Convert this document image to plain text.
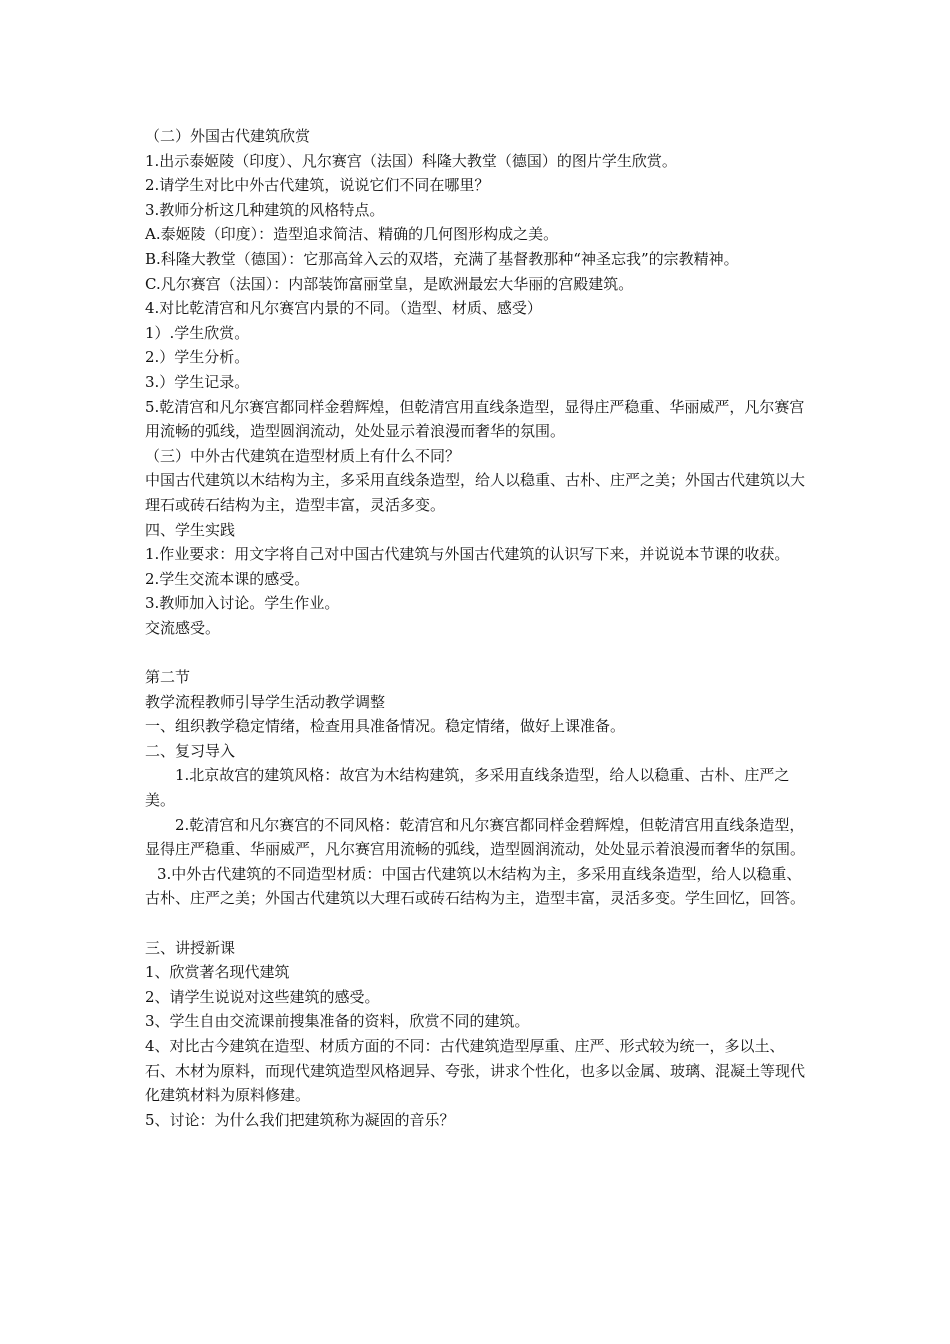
（二）外国古代建筑欣赏

1.出示泰姬陵（印度）、凡尔赛宫（法国）科隆大教堂（德国）的图片学生欣赏。

2.请学生对比中外古代建筑，说说它们不同在哪里？

3.教师分析这几种建筑的风格特点。

A.泰姬陵（印度）：造型追求简洁、精确的几何图形构成之美。

B.科隆大教堂（德国）：它那高耸入云的双塔，充满了基督教那种“神圣忘我”的宗教精神。

C.凡尔赛宫（法国）：内部装饰富丽堂皇，是欧洲最宏大华丽的宫殿建筑。

4.对比乾清宫和凡尔赛宫内景的不同。（造型、材质、感受）

1）.学生欣赏。

2.）学生分析。

3.）学生记录。

5.乾清宫和凡尔赛宫都同样金碧辉煌，但乾清宫用直线条造型，显得庄严稳重、华丽威严，凡尔赛宫用流畅的弧线，造型圆润流动，处处显示着浪漫而奢华的氛围。

（三）中外古代建筑在造型材质上有什么不同？

中国古代建筑以木结构为主，多采用直线条造型，给人以稳重、古朴、庄严之美；外国古代建筑以大理石或砖石结构为主，造型丰富，灵活多变。

四、学生实践

1.作业要求：用文字将自己对中国古代建筑与外国古代建筑的认识写下来，并说说本节课的收获。

2.学生交流本课的感受。

3.教师加入讨论。学生作业。

交流感受。

第二节

教学流程教师引导学生活动教学调整

一、组织教学稳定情绪，检查用具准备情况。稳定情绪，做好上课准备。

二、复习导入

1.北京故宫的建筑风格：故宫为木结构建筑，多采用直线条造型，给人以稳重、古朴、庄严之美。

2.乾清宫和凡尔赛宫的不同风格：乾清宫和凡尔赛宫都同样金碧辉煌，但乾清宫用直线条造型，显得庄严稳重、华丽威严，凡尔赛宫用流畅的弧线，造型圆润流动，处处显示着浪漫而奢华的氛围。

3.中外古代建筑的不同造型材质：中国古代建筑以木结构为主，多采用直线条造型，给人以稳重、古朴、庄严之美；外国古代建筑以大理石或砖石结构为主，造型丰富，灵活多变。学生回忆，回答。

三、讲授新课

1、欣赏著名现代建筑

2、请学生说说对这些建筑的感受。

3、学生自由交流课前搜集准备的资料，欣赏不同的建筑。

4、对比古今建筑在造型、材质方面的不同：古代建筑造型厚重、庄严、形式较为统一，多以土、石、木材为原料，而现代建筑造型风格迥异、夸张，讲求个性化，也多以金属、玻璃、混凝土等现代化建筑材料为原料修建。

5、讨论：为什么我们把建筑称为凝固的音乐？
